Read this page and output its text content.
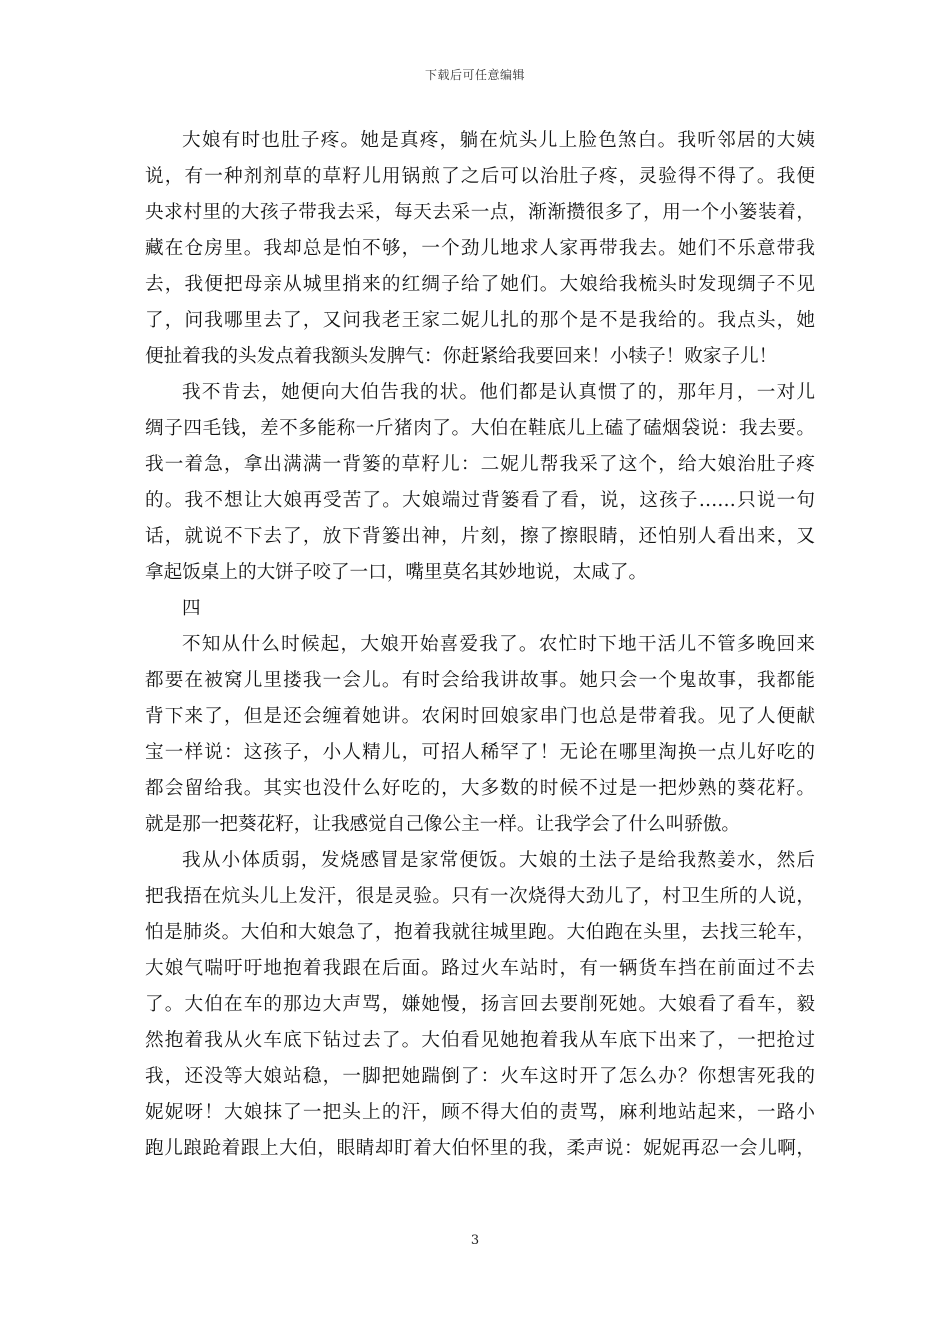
下载后可任意编辑
大娘有时也肚子疼。她是真疼，躺在炕头儿上脸色煞白。我听邻居的大姨
说，有一种剂剂草的草籽儿用锅煎了之后可以治肚子疼，灵验得不得了。我便
央求村里的大孩子带我去采，每天去采一点，渐渐攒很多了，用一个小篓装着，
藏在仓房里。我却总是怕不够，一个劲儿地求人家再带我去。她们不乐意带我
去，我便把母亲从城里捎来的红绸子给了她们。大娘给我梳头时发现绸子不见
了，问我哪里去了，又问我老王家二妮儿扎的那个是不是我给的。我点头，她
便扯着我的头发点着我额头发脾气：你赶紧给我要回来！小犊子！败家子儿！
我不肯去，她便向大伯告我的状。他们都是认真惯了的，那年月，一对儿
绸子四毛钱，差不多能称一斤猪肉了。大伯在鞋底儿上磕了磕烟袋说：我去要。
我一着急，拿出满满一背篓的草籽儿：二妮儿帮我采了这个，给大娘治肚子疼
的。我不想让大娘再受苦了。大娘端过背篓看了看，说，这孩子……只说一句
话，就说不下去了，放下背篓出神，片刻，擦了擦眼睛，还怕别人看出来，又
拿起饭桌上的大饼子咬了一口，嘴里莫名其妙地说，太咸了。
四
不知从什么时候起，大娘开始喜爱我了。农忙时下地干活儿不管多晚回来
都要在被窝儿里搂我一会儿。有时会给我讲故事。她只会一个鬼故事，我都能
背下来了，但是还会缠着她讲。农闲时回娘家串门也总是带着我。见了人便献
宝一样说：这孩子，小人精儿，可招人稀罕了！无论在哪里淘换一点儿好吃的
都会留给我。其实也没什么好吃的，大多数的时候不过是一把炒熟的葵花籽。
就是那一把葵花籽，让我感觉自己像公主一样。让我学会了什么叫骄傲。
我从小体质弱，发烧感冒是家常便饭。大娘的土法子是给我熬姜水，然后
把我捂在炕头儿上发汗，很是灵验。只有一次烧得大劲儿了，村卫生所的人说，
怕是肺炎。大伯和大娘急了，抱着我就往城里跑。大伯跑在头里，去找三轮车，
大娘气喘吁吁地抱着我跟在后面。路过火车站时，有一辆货车挡在前面过不去
了。大伯在车的那边大声骂，嫌她慢，扬言回去要削死她。大娘看了看车，毅
然抱着我从火车底下钻过去了。大伯看见她抱着我从车底下出来了，一把抢过
我，还没等大娘站稳，一脚把她踹倒了：火车这时开了怎么办？你想害死我的
妮妮呀！大娘抹了一把头上的汗，顾不得大伯的责骂，麻利地站起来，一路小
跑儿踉跄着跟上大伯，眼睛却盯着大伯怀里的我，柔声说：妮妮再忍一会儿啊，
3
